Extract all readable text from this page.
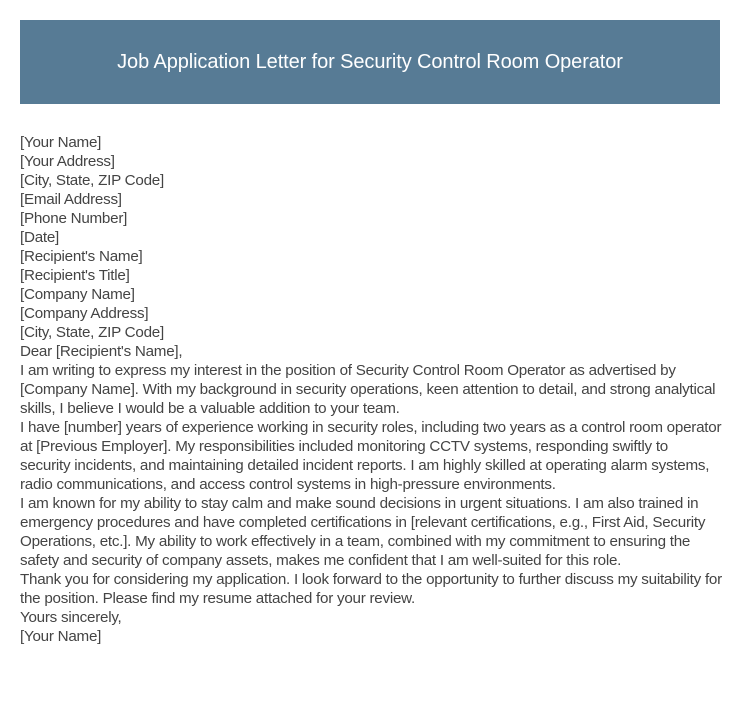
Job Application Letter for Security Control Room Operator

[Your Name]

[Your Address]

[City, State, ZIP Code]

[Email Address]

[Phone Number]

[Date]

[Recipient's Name]

[Recipient's Title]

[Company Name]

[Company Address]

[City, State, ZIP Code]

Dear [Recipient's Name],

I am writing to express my interest in the position of Security Control Room Operator as advertised by [Company Name]. With my background in security operations, keen attention to detail, and strong analytical skills, I believe I would be a valuable addition to your team.

I have [number] years of experience working in security roles, including two years as a control room operator at [Previous Employer]. My responsibilities included monitoring CCTV systems, responding swiftly to security incidents, and maintaining detailed incident reports. I am highly skilled at operating alarm systems, radio communications, and access control systems in high-pressure environments.

I am known for my ability to stay calm and make sound decisions in urgent situations. I am also trained in emergency procedures and have completed certifications in [relevant certifications, e.g., First Aid, Security Operations, etc.]. My ability to work effectively in a team, combined with my commitment to ensuring the safety and security of company assets, makes me confident that I am well-suited for this role.

Thank you for considering my application. I look forward to the opportunity to further discuss my suitability for the position. Please find my resume attached for your review.

Yours sincerely,

[Your Name]
